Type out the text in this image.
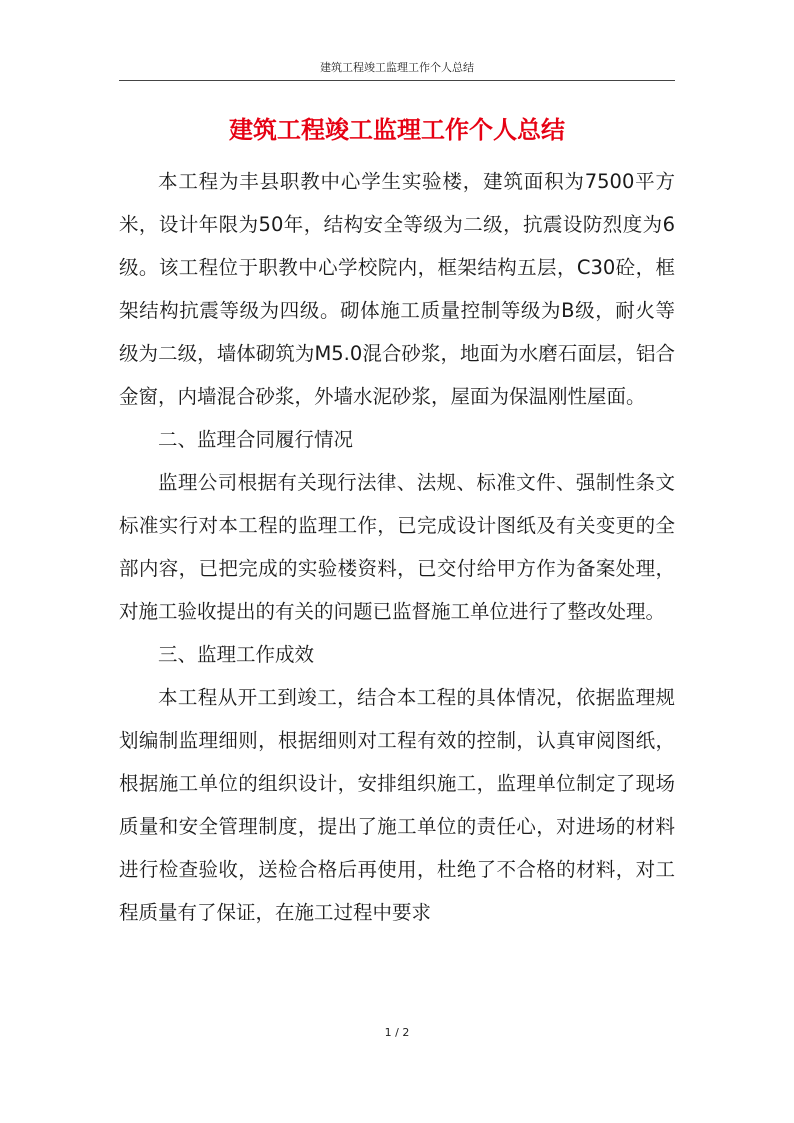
建筑工程竣工监理工作个人总结
建筑工程竣工监理工作个人总结

本工程为丰县职教中心学生实验楼，建筑面积为7500平方米，设计年限为50年，结构安全等级为二级，抗震设防烈度为6级。该工程位于职教中心学校院内，框架结构五层，C30砼，框架结构抗震等级为四级。砌体施工质量控制等级为B级，耐火等级为二级，墙体砌筑为M5.0混合砂浆，地面为水磨石面层，铝合金窗，内墙混合砂浆，外墙水泥砂浆，屋面为保温刚性屋面。

二、监理合同履行情况

监理公司根据有关现行法律、法规、标准文件、强制性条文标准实行对本工程的监理工作，已完成设计图纸及有关变更的全部内容，已把完成的实验楼资料，已交付给甲方作为备案处理，对施工验收提出的有关的问题已监督施工单位进行了整改处理。

三、监理工作成效

本工程从开工到竣工，结合本工程的具体情况，依据监理规划编制监理细则，根据细则对工程有效的控制，认真审阅图纸，根据施工单位的组织设计，安排组织施工，监理单位制定了现场质量和安全管理制度，提出了施工单位的责任心，对进场的材料进行检查验收，送检合格后再使用，杜绝了不合格的材料，对工程质量有了保证，在施工过程中要求

1 / 2
